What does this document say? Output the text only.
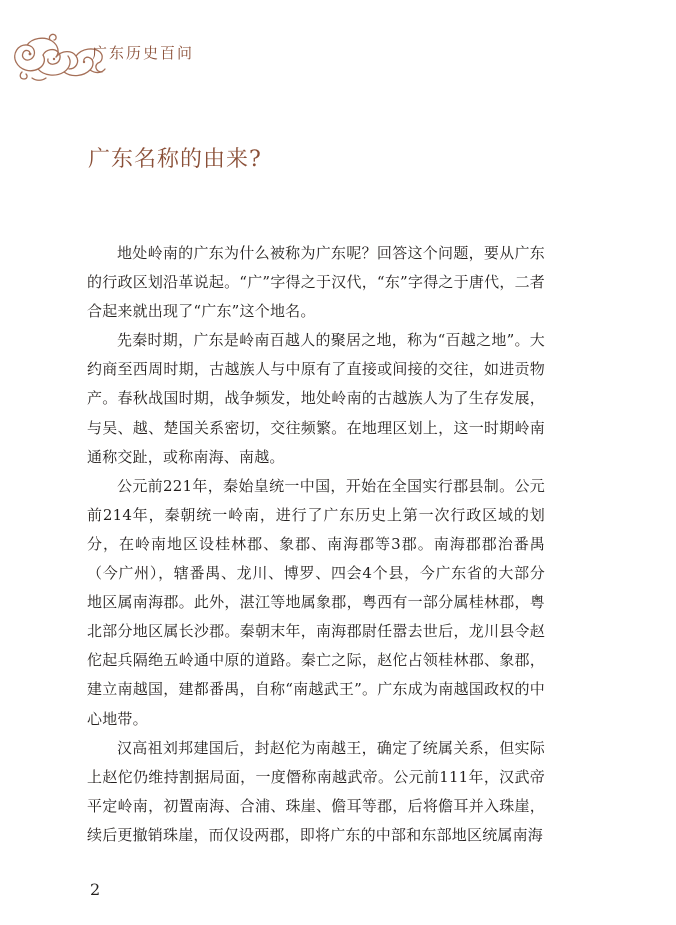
广东历史百问
广东名称的由来?

地处岭南的广东为什么被称为广东呢？回答这个问题，要从广东的行政区划沿革说起。“广”字得之于汉代，“东”字得之于唐代，二者合起来就出现了“广东”这个地名。

先秦时期，广东是岭南百越人的聚居之地，称为“百越之地”。大约商至西周时期，古越族人与中原有了直接或间接的交往，如进贡物产。春秋战国时期，战争频发，地处岭南的古越族人为了生存发展，与吴、越、楚国关系密切，交往频繁。在地理区划上，这一时期岭南通称交趾，或称南海、南越。

公元前221年，秦始皇统一中国，开始在全国实行郡县制。公元前214年，秦朝统一岭南，进行了广东历史上第一次行政区域的划分，在岭南地区设桂林郡、象郡、南海郡等3郡。南海郡郡治番禺（今广州），辖番禺、龙川、博罗、四会4个县，今广东省的大部分地区属南海郡。此外，湛江等地属象郡，粤西有一部分属桂林郡，粤北部分地区属长沙郡。秦朝末年，南海郡尉任嚣去世后，龙川县令赵佗起兵隔绝五岭通中原的道路。秦亡之际，赵佗占领桂林郡、象郡，建立南越国，建都番禺，自称“南越武王”。广东成为南越国政权的中心地带。

汉高祖刘邦建国后，封赵佗为南越王，确定了统属关系，但实际上赵佗仍维持割据局面，一度僭称南越武帝。公元前111年，汉武帝平定岭南，初置南海、合浦、珠崖、儋耳等郡，后将儋耳并入珠崖，续后更撤销珠崖，而仅设两郡，即将广东的中部和东部地区统属南海

2
